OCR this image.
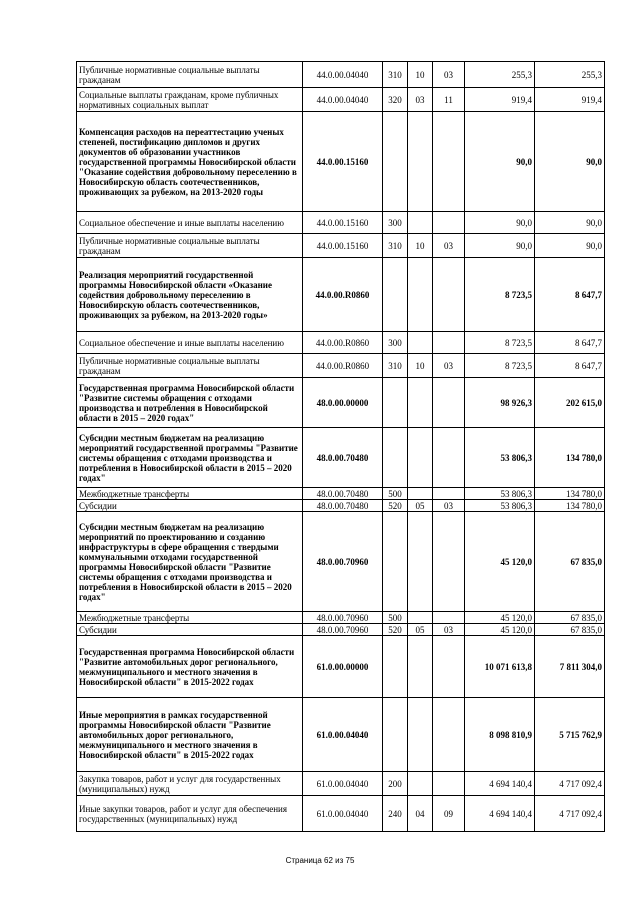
Публичные нормативные социальные выплаты гражданам	44.0.00.04040	310	10	03	255,3	255,3
Социальные выплаты гражданам, кроме публичных нормативных социальных выплат	44.0.00.04040	320	03	11	919,4	919,4
Компенсация расходов на переаттестацию ученых степеней, постификацию дипломов и других документов об образовании участников государственной программы Новосибирской области "Оказание содействия добровольному переселению в Новосибирскую область соотечественников, проживающих за рубежом, на 2013-2020 годы	44.0.00.15160				90,0	90,0
Социальное обеспечение и иные выплаты населению	44.0.00.15160	300			90,0	90,0
Публичные нормативные социальные выплаты гражданам	44.0.00.15160	310	10	03	90,0	90,0
Реализация мероприятий государственной программы Новосибирской области «Оказание содействия добровольному переселению в Новосибирскую область соотечественников, проживающих за рубежом, на 2013-2020 годы»	44.0.00.R0860				8 723,5	8 647,7
Социальное обеспечение и иные выплаты населению	44.0.00.R0860	300			8 723,5	8 647,7
Публичные нормативные социальные выплаты гражданам	44.0.00.R0860	310	10	03	8 723,5	8 647,7
Государственная программа Новосибирской области "Развитие системы обращения с отходами производства и потребления в Новосибирской области в 2015 – 2020 годах"	48.0.00.00000				98 926,3	202 615,0
Субсидии местным бюджетам на реализацию мероприятий государственной программы "Развитие системы обращения с отходами производства и потребления в Новосибирской области в 2015 – 2020 годах"	48.0.00.70480				53 806,3	134 780,0
Межбюджетные трансферты	48.0.00.70480	500			53 806,3	134 780,0
Субсидии	48.0.00.70480	520	05	03	53 806,3	134 780,0
Субсидии местным бюджетам на реализацию мероприятий по проектированию и созданию инфраструктуры в сфере обращения с твердыми коммунальными отходами государственной программы Новосибирской области "Развитие системы обращения с отходами производства и потребления в Новосибирской области в 2015 – 2020 годах"	48.0.00.70960				45 120,0	67 835,0
Межбюджетные трансферты	48.0.00.70960	500			45 120,0	67 835,0
Субсидии	48.0.00.70960	520	05	03	45 120,0	67 835,0
Государственная программа Новосибирской области "Развитие автомобильных дорог регионального, межмуниципального и местного значения в Новосибирской области" в 2015-2022 годах	61.0.00.00000				10 071 613,8	7 811 304,0
Иные мероприятия в рамках государственной программы Новосибирской области "Развитие автомобильных дорог регионального, межмуниципального и местного значения в Новосибирской области" в 2015-2022 годах	61.0.00.04040				8 098 810,9	5 715 762,9
Закупка товаров, работ и услуг для государственных (муниципальных) нужд	61.0.00.04040	200			4 694 140,4	4 717 092,4
Иные закупки товаров, работ и услуг для обеспечения государственных (муниципальных) нужд	61.0.00.04040	240	04	09	4 694 140,4	4 717 092,4
Страница 62 из 75
